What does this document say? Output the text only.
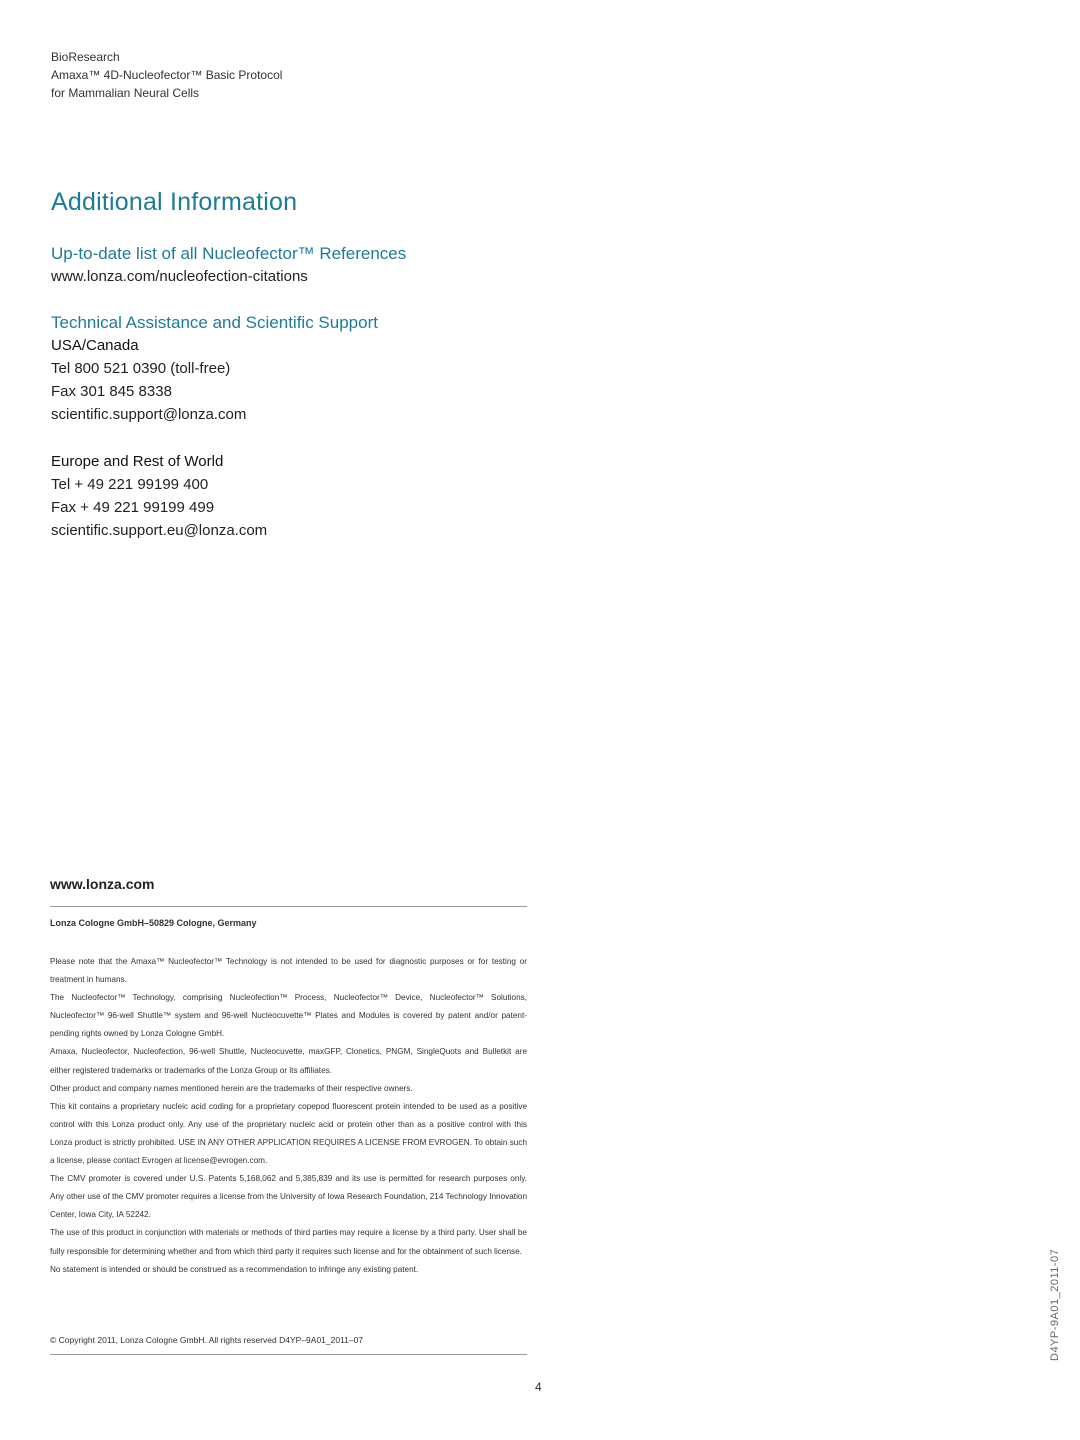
BioResearch
Amaxa™ 4D-Nucleofector™ Basic Protocol
for Mammalian Neural Cells
Additional Information
Up-to-date list of all Nucleofector™ References
www.lonza.com/nucleofection-citations
Technical Assistance and Scientific Support
USA/Canada
Tel 800 521 0390 (toll-free)
Fax 301 845 8338
scientific.support@lonza.com
Europe and Rest of World
Tel + 49 221 99199 400
Fax + 49 221 99199 499
scientific.support.eu@lonza.com
www.lonza.com
Lonza Cologne GmbH–50829 Cologne, Germany

Please note that the Amaxa™ Nucleofector™ Technology is not intended to be used for diagnostic purposes or for testing or treatment in humans.

The Nucleofector™ Technology, comprising Nucleofection™ Process, Nucleofector™ Device, Nucleofector™ Solutions, Nucleofector™ 96-well Shuttle™ system and 96-well Nucleocuvette™ Plates and Modules is covered by patent and/or patent-pending rights owned by Lonza Cologne GmbH.

Amaxa, Nucleofector, Nucleofection, 96-well Shuttle, Nucleocuvette, maxGFP, Clonetics, PNGM, SingleQuots and Bulletkit are either registered trademarks or trademarks of the Lonza Group or its affiliates.

Other product and company names mentioned herein are the trademarks of their respective owners.

This kit contains a proprietary nucleic acid coding for a proprietary copepod fluorescent protein intended to be used as a positive control with this Lonza product only. Any use of the proprietary nucleic acid or protein other than as a positive control with this Lonza product is strictly prohibited. USE IN ANY OTHER APPLICATION REQUIRES A LICENSE FROM EVROGEN. To obtain such a license, please contact Evrogen at license@evrogen.com.

The CMV promoter is covered under U.S. Patents 5,168,062 and 5,385,839 and its use is permitted for research purposes only. Any other use of the CMV promoter requires a license from the University of Iowa Research Foundation, 214 Technology Innovation Center, Iowa City, IA 52242.

The use of this product in conjunction with materials or methods of third parties may require a license by a third party. User shall be fully responsible for determining whether and from which third party it requires such license and for the obtainment of such license.

No statement is intended or should be construed as a recommendation to infringe any existing patent.

© Copyright 2011, Lonza Cologne GmbH. All rights reserved D4YP–9A01_2011–07
4
D4YP-9A01_2011-07
